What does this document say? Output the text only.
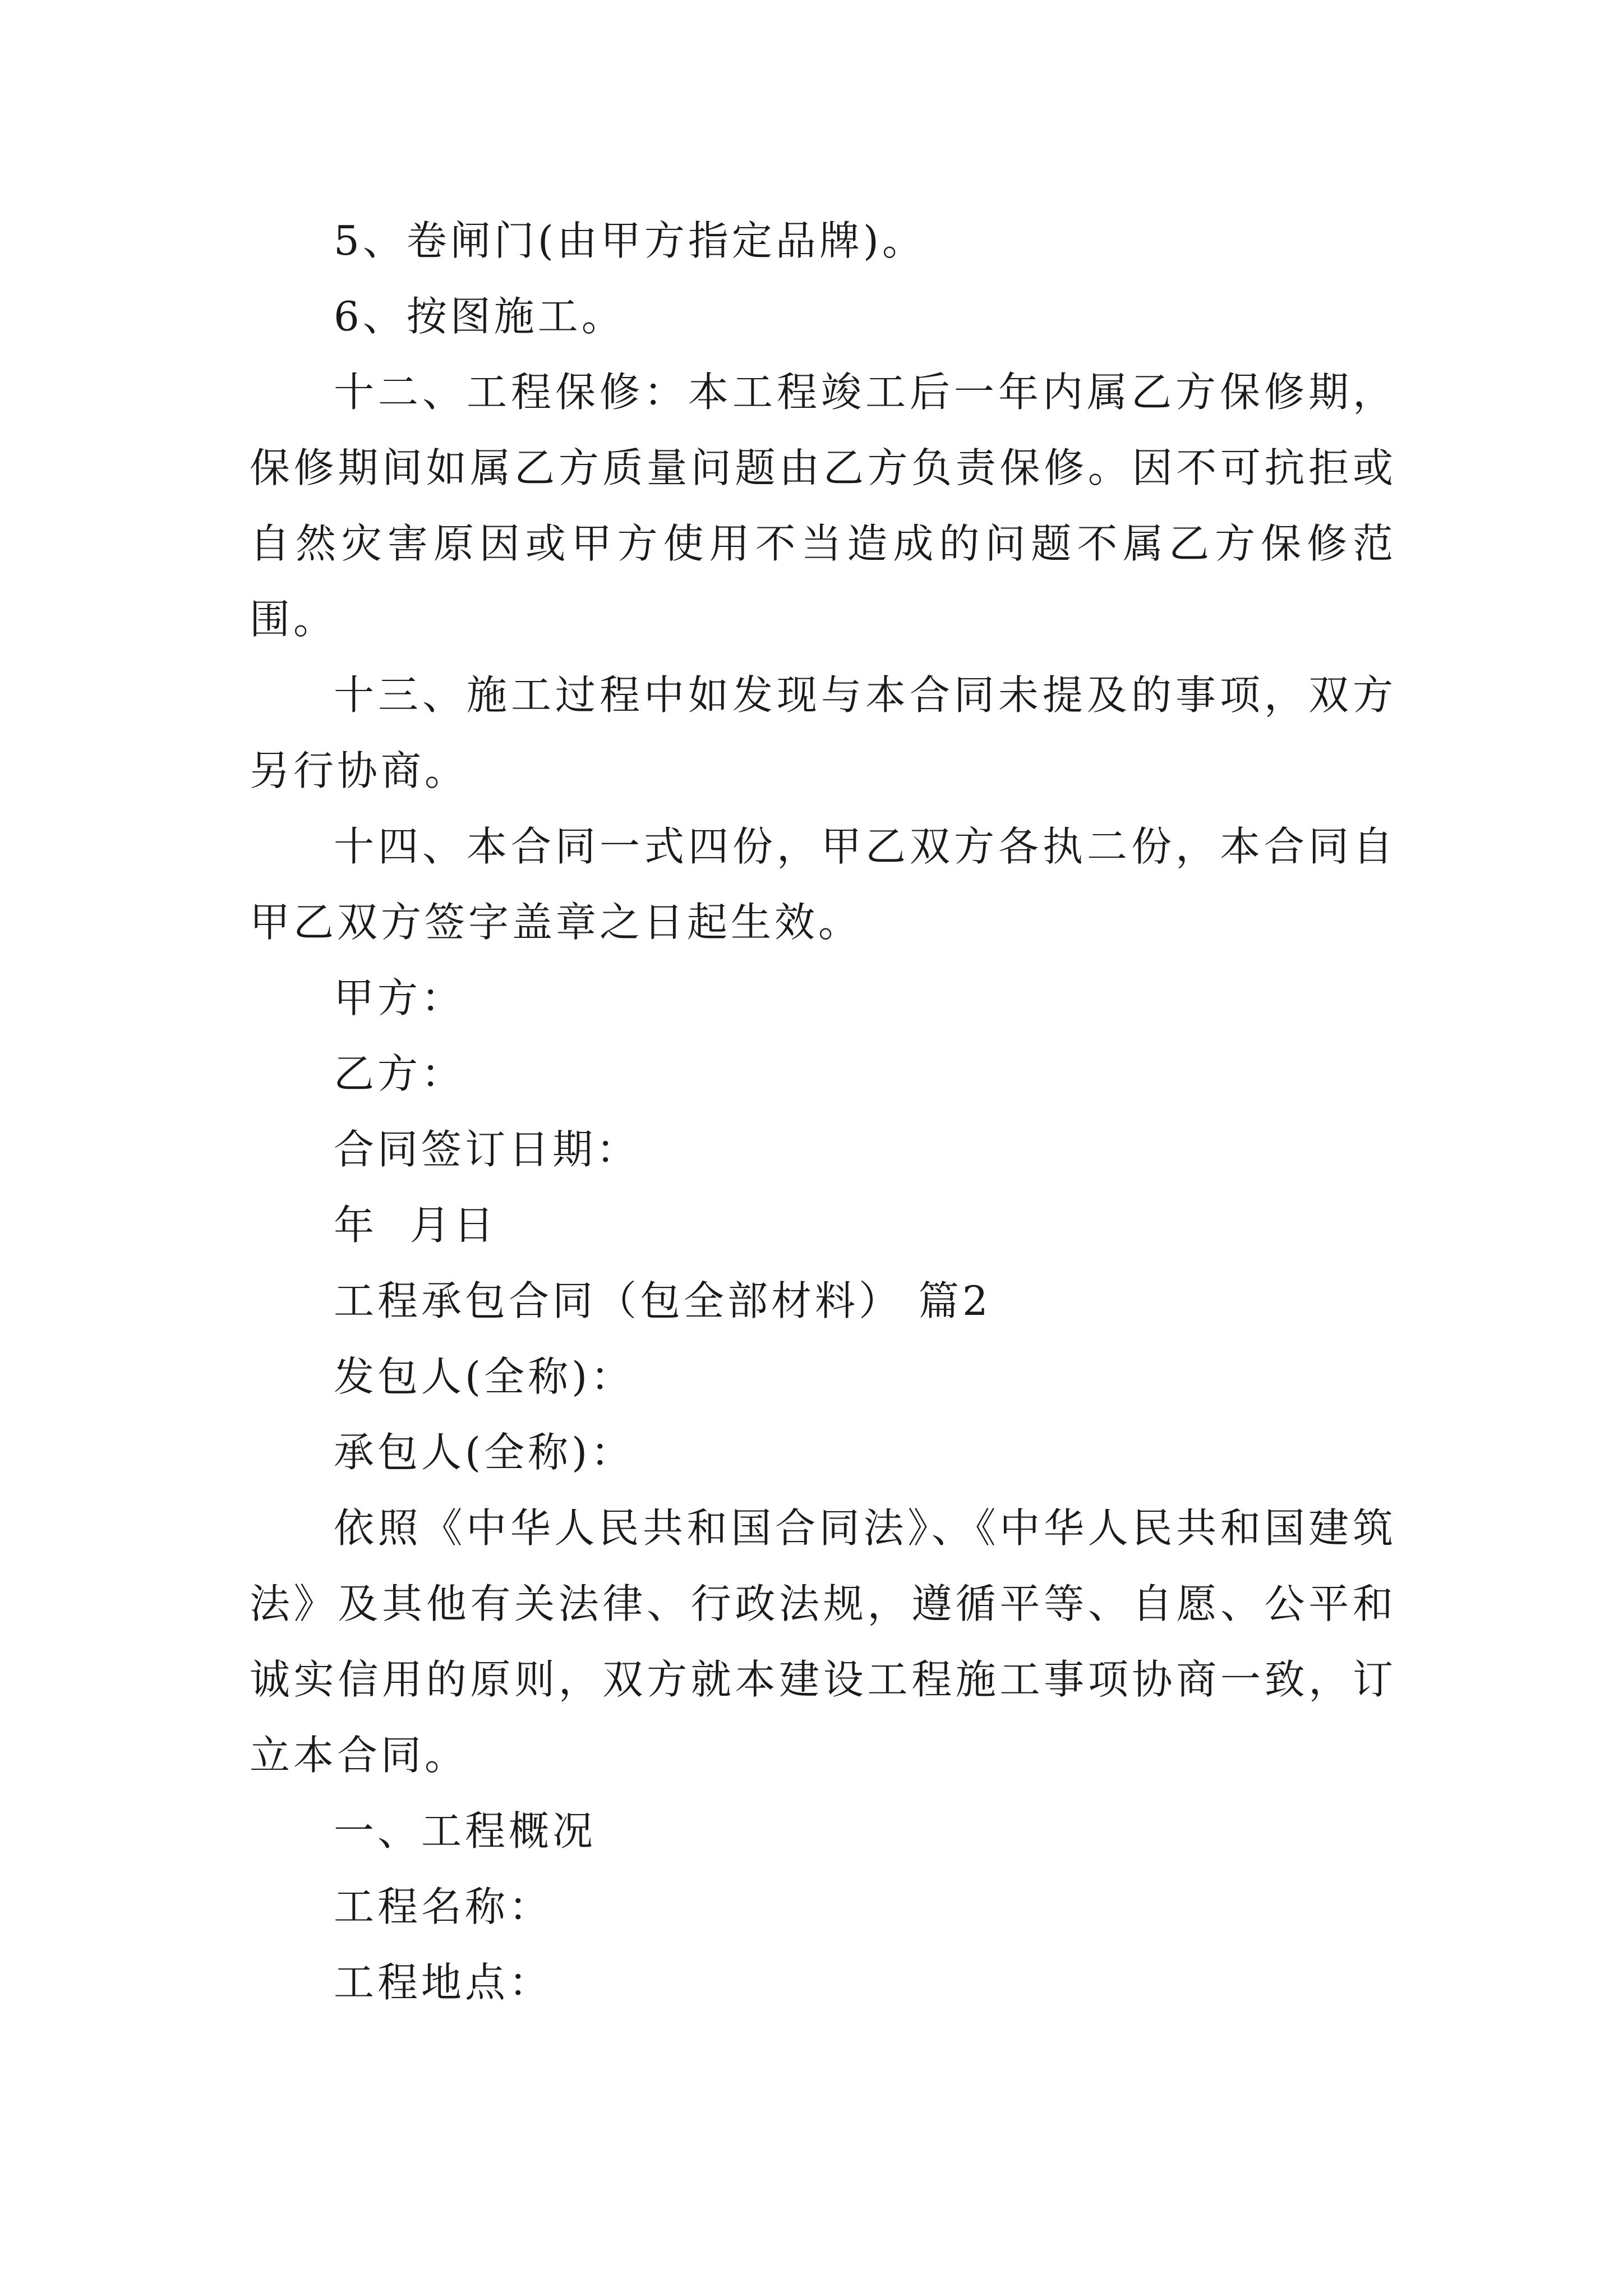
5、卷闸门(由甲方指定品牌)。

6、按图施工。

十二、工程保修：本工程竣工后一年内属乙方保修期，保修期间如属乙方质量问题由乙方负责保修。因不可抗拒或自然灾害原因或甲方使用不当造成的问题不属乙方保修范围。

十三、施工过程中如发现与本合同未提及的事项，双方另行协商。

十四、本合同一式四份，甲乙双方各执二份，本合同自甲乙双方签字盖章之日起生效。

甲方：

乙方：

合同签订日期：

年  月日

工程承包合同（包全部材料） 篇2

发包人(全称)：

承包人(全称)：

依照《中华人民共和国合同法》、《中华人民共和国建筑法》及其他有关法律、行政法规，遵循平等、自愿、公平和诚实信用的原则，双方就本建设工程施工事项协商一致，订立本合同。

一、工程概况

工程名称：

工程地点：
